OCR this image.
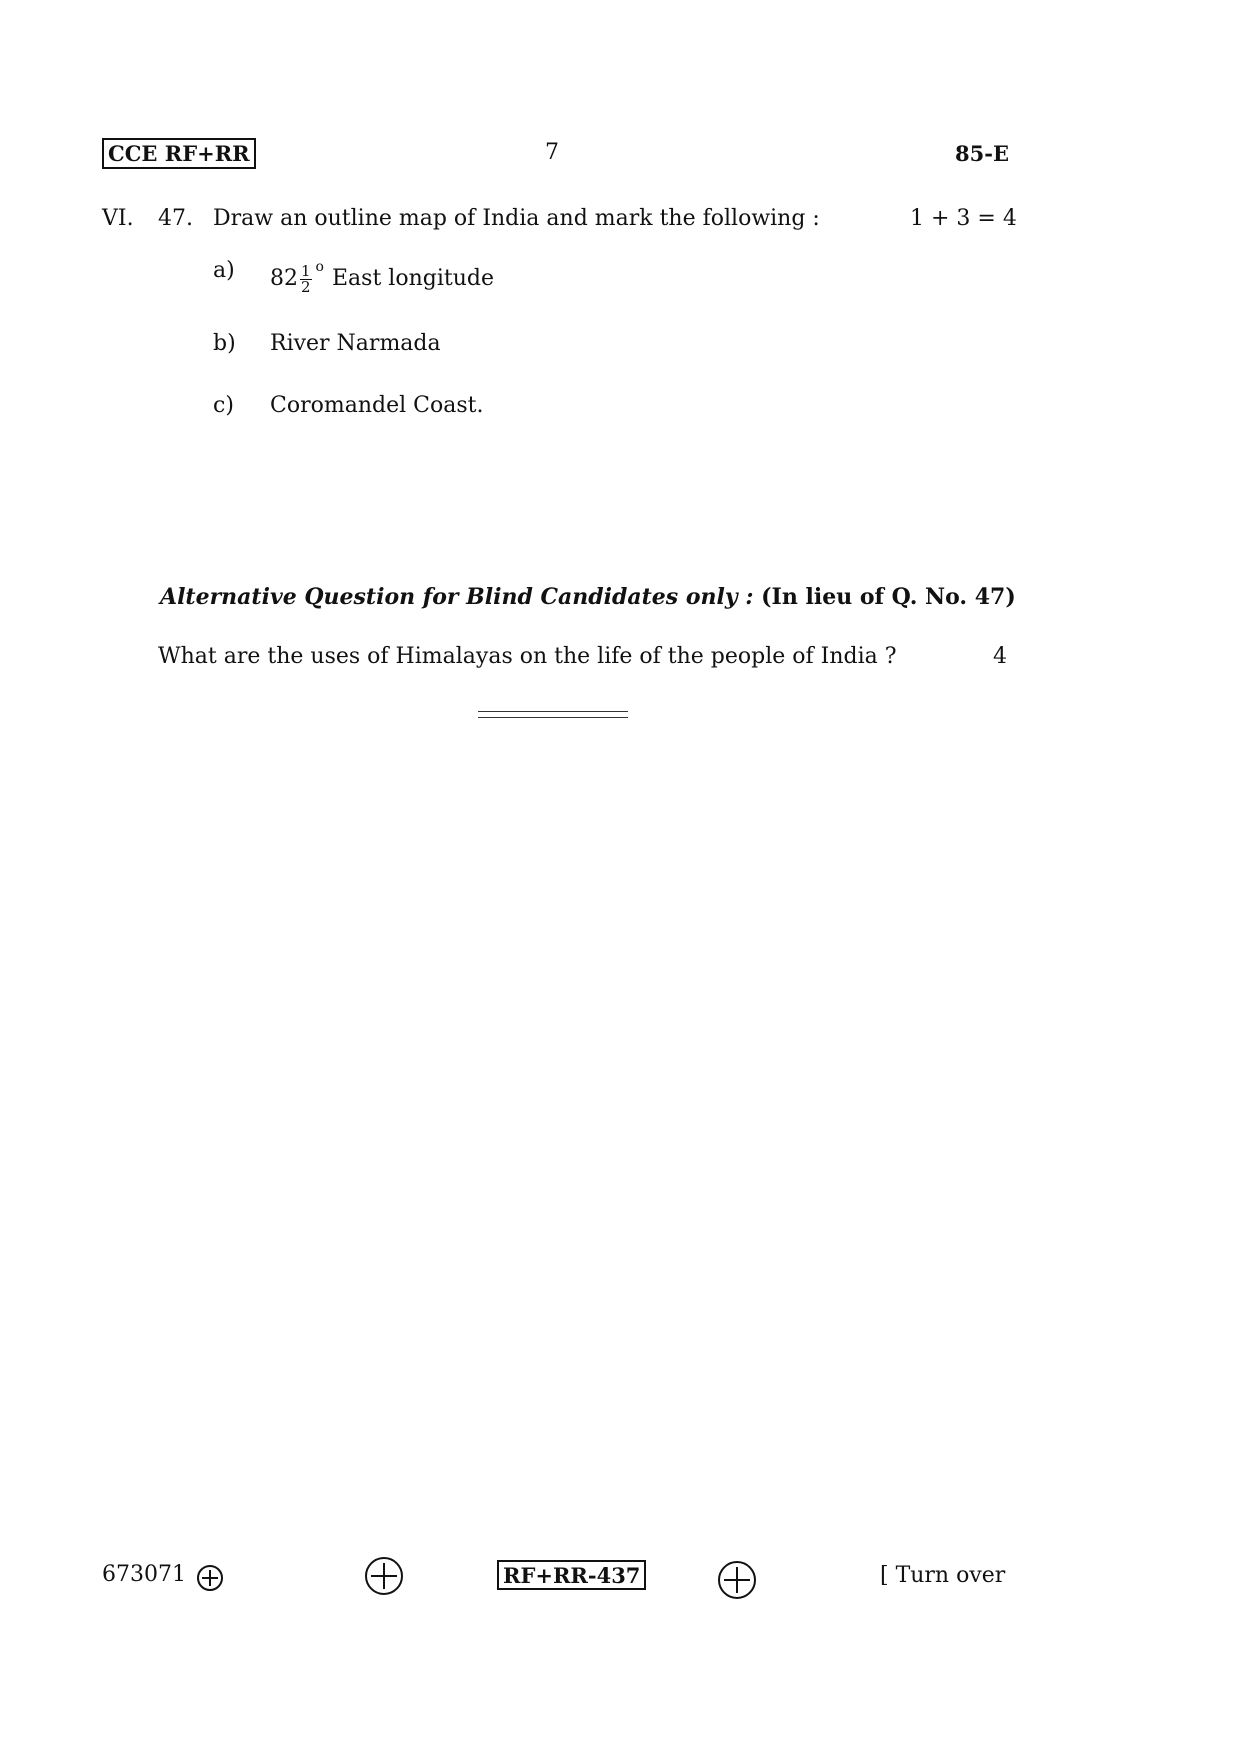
CCE RF+RR	7	85-E
VI. 47. Draw an outline map of India and mark the following :	1 + 3 = 4
a) $82 \frac{1}{2} ^o$ East longitude
b) River Narmada
c) Coromandel Coast.
Alternative Question for Blind Candidates only : (In lieu of Q. No. 47)
What are the uses of Himalayas on the life of the people of India ?	4
673071	RF+RR-437	[ Turn over
